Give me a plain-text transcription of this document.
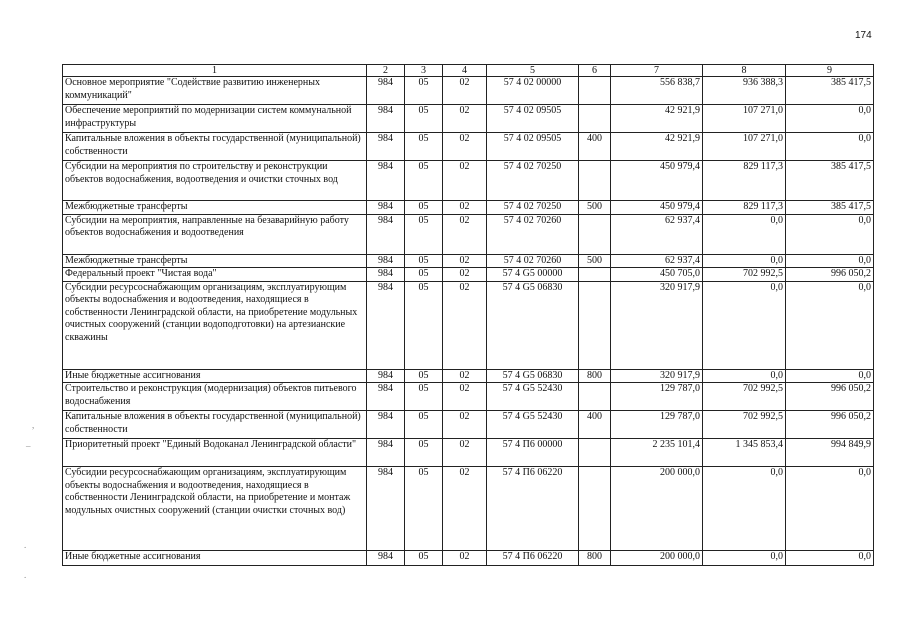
174
1	2	3	4	5	6	7	8	9
Основное мероприятие "Содействие развитию инженерных коммуникаций"	984	05	02	57 4 02 00000		556 838,7	936 388,3	385 417,5
Обеспечение мероприятий по модернизации систем коммунальной инфраструктуры	984	05	02	57 4 02 09505		42 921,9	107 271,0	0,0
Капитальные вложения в объекты государственной (муниципальной) собственности	984	05	02	57 4 02 09505	400	42 921,9	107 271,0	0,0
Субсидии на мероприятия по строительству и реконструкции объектов водоснабжения, водоотведения и очистки сточных вод	984	05	02	57 4 02 70250		450 979,4	829 117,3	385 417,5
Межбюджетные трансферты	984	05	02	57 4 02 70250	500	450 979,4	829 117,3	385 417,5
Субсидии на мероприятия, направленные на безаварийную работу объектов водоснабжения и водоотведения	984	05	02	57 4 02 70260		62 937,4	0,0	0,0
Межбюджетные трансферты	984	05	02	57 4 02 70260	500	62 937,4	0,0	0,0
Федеральный проект "Чистая вода"	984	05	02	57 4 G5 00000		450 705,0	702 992,5	996 050,2
Субсидии ресурсоснабжающим организациям, эксплуатирующим объекты водоснабжения и водоотведения, находящиеся в собственности Ленинградской области, на приобретение модульных очистных сооружений (станции водоподготовки) на артезианские скважины	984	05	02	57 4 G5 06830		320 917,9	0,0	0,0
Иные бюджетные ассигнования	984	05	02	57 4 G5 06830	800	320 917,9	0,0	0,0
Строительство и реконструкция (модернизация) объектов питьевого водоснабжения	984	05	02	57 4 G5 52430		129 787,0	702 992,5	996 050,2
Капитальные вложения в объекты государственной (муниципальной) собственности	984	05	02	57 4 G5 52430	400	129 787,0	702 992,5	996 050,2
Приоритетный проект "Единый Водоканал Ленинградской области"	984	05	02	57 4 П6 00000		2 235 101,4	1 345 853,4	994 849,9
Субсидии ресурсоснабжающим организациям, эксплуатирующим объекты водоснабжения и водоотведения, находящиеся в собственности Ленинградской области, на приобретение и монтаж модульных очистных сооружений (станции очистки сточных вод)	984	05	02	57 4 П6 06220		200 000,0	0,0	0,0
Иные бюджетные ассигнования	984	05	02	57 4 П6 06220	800	200 000,0	0,0	0,0
,
_
.
.
